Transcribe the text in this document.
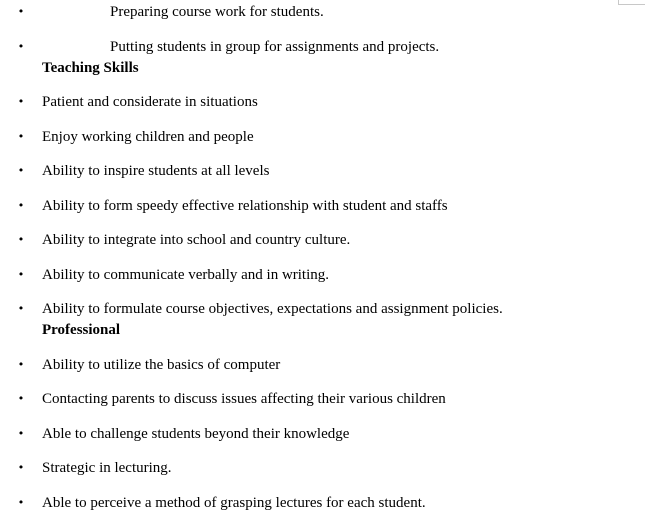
•	Preparing course work for students.
•	Putting students in group for assignments and projects.
Teaching Skills
• Patient and considerate in situations
• Enjoy working children and people
• Ability to inspire students at all levels
• Ability to form speedy effective relationship with student and staffs
• Ability to integrate into school and country culture.
• Ability to communicate verbally and in writing.
• Ability to formulate course objectives, expectations and assignment policies.
Professional
• Ability to utilize the basics of computer
• Contacting parents to discuss issues affecting their various children
• Able to challenge students beyond their knowledge
• Strategic in lecturing.
• Able to perceive a method of grasping lectures for each student.
